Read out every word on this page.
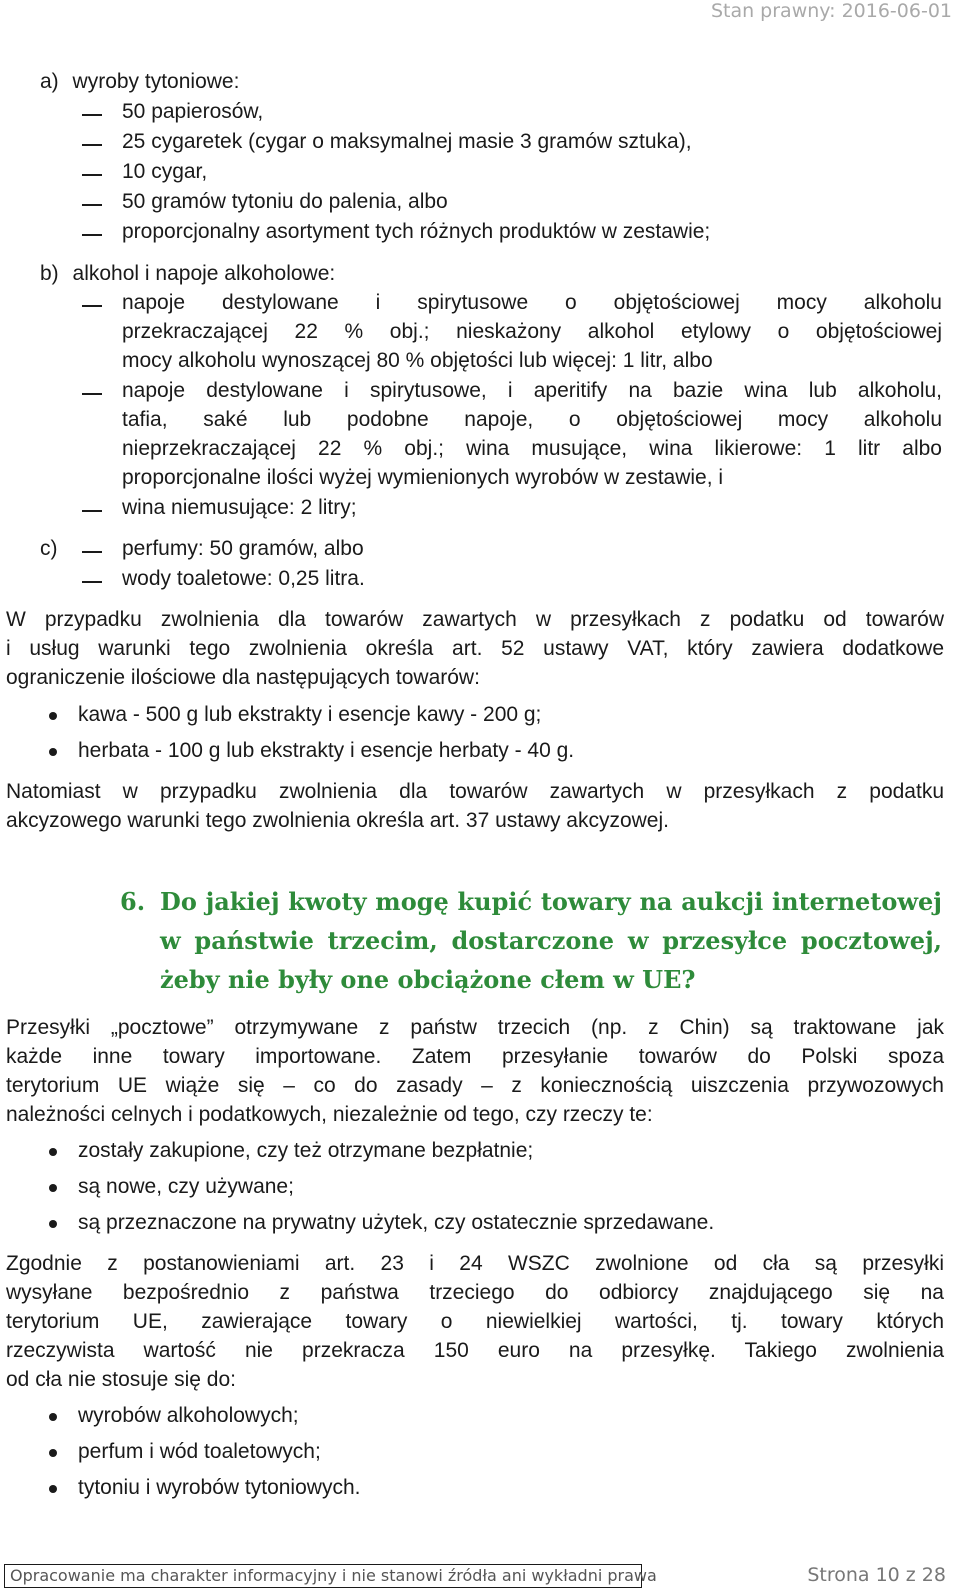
Stan prawny: 2016-06-01
a) wyroby tytoniowe:
50 papierosów,
25 cygaretek (cygar o maksymalnej masie 3 gramów sztuka),
10 cygar,
50 gramów tytoniu do palenia, albo
proporcjonalny asortyment tych różnych produktów w zestawie;
b) alkohol i napoje alkoholowe:
napoje destylowane i spirytusowe o objętościowej mocy alkoholu
przekraczającej 22 % obj.; nieskażony alkohol etylowy o objętościowej
mocy alkoholu wynoszącej 80 % objętości lub więcej: 1 litr, albo
napoje destylowane i spirytusowe, i aperitify na bazie wina lub alkoholu,
tafia, saké lub podobne napoje, o objętościowej mocy alkoholu
nieprzekraczającej 22 % obj.; wina musujące, wina likierowe: 1 litr albo
proporcjonalne ilości wyżej wymienionych wyrobów w zestawie, i
wina niemusujące: 2 litry;
c)	perfumy: 50 gramów, albo
wody toaletowe: 0,25 litra.
W przypadku zwolnienia dla towarów zawartych w przesyłkach z podatku od towarów
i usług warunki tego zwolnienia określa art. 52 ustawy VAT, który zawiera dodatkowe
ograniczenie ilościowe dla następujących towarów:
kawa - 500 g lub ekstrakty i esencje kawy - 200 g;
herbata - 100 g lub ekstrakty i esencje herbaty - 40 g.
Natomiast w przypadku zwolnienia dla towarów zawartych w przesyłkach z podatku
akcyzowego warunki tego zwolnienia określa art. 37 ustawy akcyzowej.
6. Do jakiej kwoty mogę kupić towary na aukcji internetowej
w państwie trzecim, dostarczone w przesyłce pocztowej,
żeby nie były one obciążone cłem w UE?
Przesyłki „pocztowe” otrzymywane z państw trzecich (np. z Chin) są traktowane jak
każde inne towary importowane. Zatem przesyłanie towarów do Polski spoza
terytorium UE wiąże się – co do zasady – z koniecznością uiszczenia przywozowych
należności celnych i podatkowych, niezależnie od tego, czy rzeczy te:
zostały zakupione, czy też otrzymane bezpłatnie;
są nowe, czy używane;
są przeznaczone na prywatny użytek, czy ostatecznie sprzedawane.
Zgodnie z postanowieniami art. 23 i 24 WSZC zwolnione od cła są przesyłki
wysyłane bezpośrednio z państwa trzeciego do odbiorcy znajdującego się na
terytorium UE, zawierające towary o niewielkiej wartości, tj. towary których
rzeczywista wartość nie przekracza 150 euro na przesyłkę. Takiego zwolnienia
od cła nie stosuje się do:
wyrobów alkoholowych;
perfum i wód toaletowych;
tytoniu i wyrobów tytoniowych.
Opracowanie ma charakter informacyjny i nie stanowi źródła ani wykładni prawa	Strona 10 z 28
